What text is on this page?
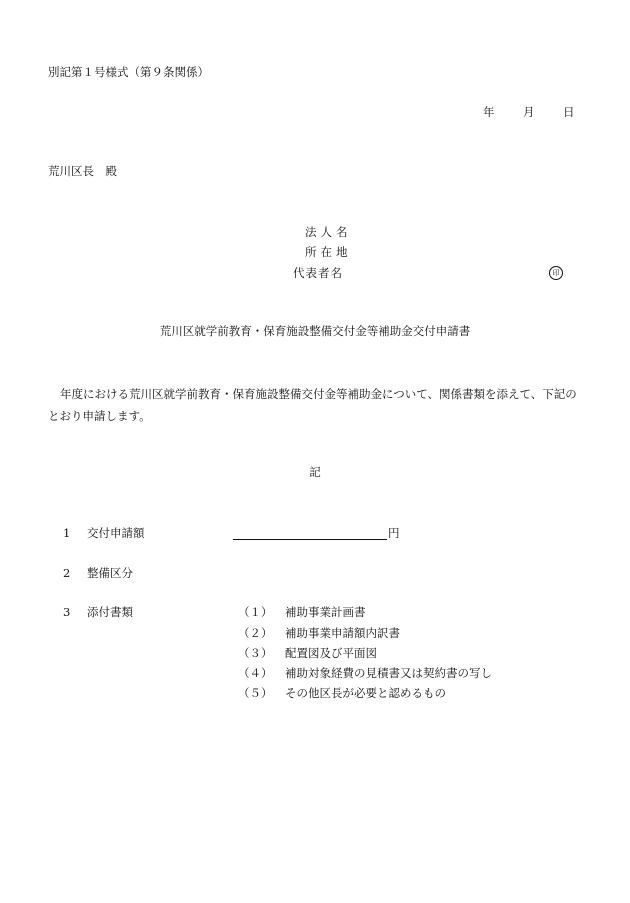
別記第１号様式（第９条関係）
年 月 日
荒川区長　殿
法人名
所在地
代表者名	印
荒川区就学前教育・保育施設整備交付金等補助金交付申請書
年度における荒川区就学前教育・保育施設整備交付金等補助金について、関係書類を添えて、下記のとおり申請します。
記
1 交付申請額	円
2 整備区分
3 添付書類	（１） 補助事業計画書
（２） 補助事業申請額内訳書
（３） 配置図及び平面図
（４） 補助対象経費の見積書又は契約書の写し
（５） その他区長が必要と認めるもの
